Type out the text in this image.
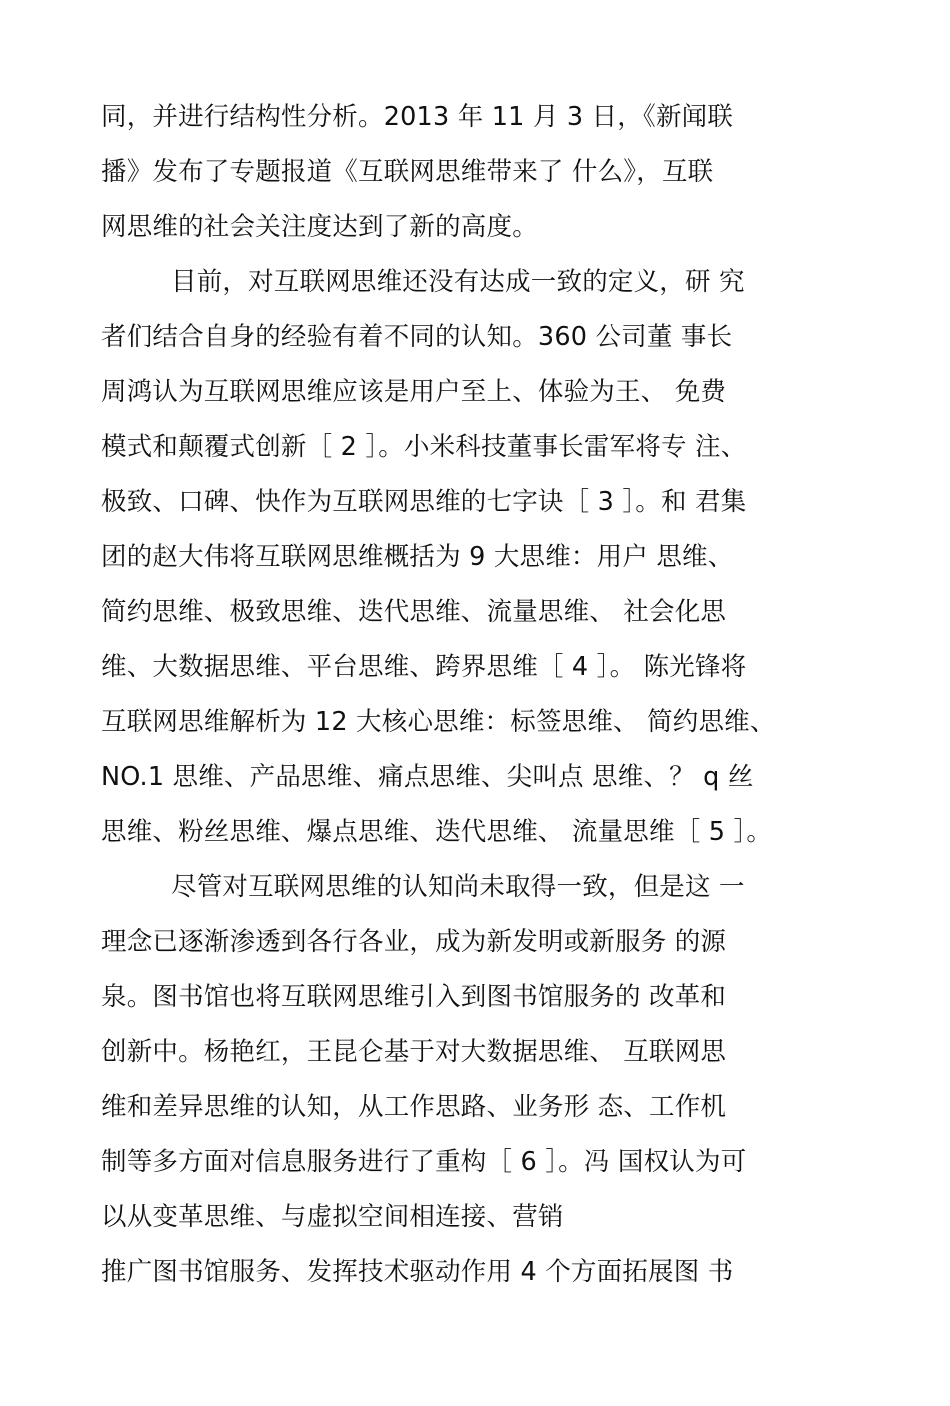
同，并进行结构性分析。2013 年 11 月 3 日，《新闻联
播》发布了专题报道《互联网思维带来了 什么》，互联
网思维的社会关注度达到了新的高度。
目前，对互联网思维还没有达成一致的定义，研 究
者们结合自身的经验有着不同的认知。360 公司董 事长
周鸿认为互联网思维应该是用户至上、体验为王、 免费
模式和颠覆式创新［ 2 ］。小米科技董事长雷军将专 注、
极致、口碑、快作为互联网思维的七字诀［ 3 ］。和 君集
团的赵大伟将互联网思维概括为 9 大思维：用户 思维、
简约思维、极致思维、迭代思维、流量思维、 社会化思
维、大数据思维、平台思维、跨界思维［ 4 ］。 陈光锋将
互联网思维解析为 12 大核心思维：标签思维、 简约思维、
NO.1 思维、产品思维、痛点思维、尖叫点 思维、？ q 丝
思维、粉丝思维、爆点思维、迭代思维、 流量思维［ 5 ］。
尽管对互联网思维的认知尚未取得一致，但是这 一
理念已逐渐渗透到各行各业，成为新发明或新服务 的源
泉。图书馆也将互联网思维引入到图书馆服务的 改革和
创新中。杨艳红，王昆仑基于对大数据思维、 互联网思
维和差异思维的认知，从工作思路、业务形 态、工作机
制等多方面对信息服务进行了重构［ 6 ］。冯 国权认为可
以从变革思维、与虚拟空间相连接、营销
推广图书馆服务、发挥技术驱动作用 4 个方面拓展图 书
